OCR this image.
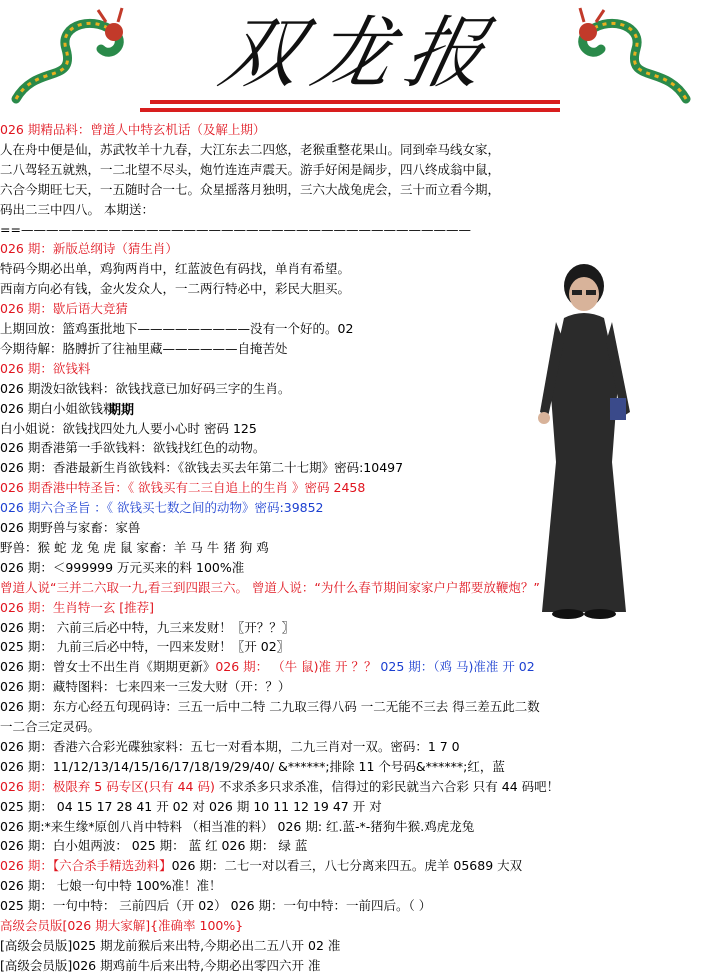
双龙报
026 期精品料：曾道人中特玄机话（及解上期）
人在舟中便是仙，苏武牧羊十九春，大江东去二四悠，老猴重整花果山。同到牵马线女家，
二八驾轻五就熟，一二北望不尽头，炮竹连连声震天。游手好闲是阔步，四八终成翁中鼠，
六合今期旺七天，一五随时合一七。众星摇落月独明，三六大战兔虎会，三十而立看今期，
码出二三中四八。 本期送：
==————————————————————————————————————
026 期：新版总纲诗（猜生肖）
特码今期必出单，鸡狗两肖中，红蓝波色有码找，单肖有希望。
西南方向必有钱，金火发众人，一二两行特必中，彩民大胆买。
026 期：歇后语大竞猜
上期回放：篮鸡蛋批地下—————————没有一个好的。02
今期待解：胳膊折了往袖里藏——————自掩苦处
026 期：欲钱料
026 期泼妇欲钱料：欲钱找意已加好码三字的生肖。
026 期白小姐欲钱料
白小姐说：欲钱找四处九人要小心时 密码 125
026 期香港第一手欲钱料：欲钱找红色的动物。
026 期：香港最新生肖欲钱料：《欲钱去买去年第二十七期》密码:10497
026 期香港中特圣旨：《 欲钱买有二三自追上的生肖 》密码 2458
026 期六合圣旨 ：《 欲钱买七数之间的动物》密码:39852
026 期野兽与家畜：家兽
野兽：猴 蛇 龙 兔 虎 鼠 家畜：羊 马 牛 猪 狗 鸡
026 期：＜999999 万元买来的料 100%准
曾道人说“三并二六取一九,看三到四跟三六。 曾道人说：“为什么春节期间家家户户都要放鞭炮？”
026 期：生肖特一玄 [推荐]
026 期： 六前三后必中特，九三来发财！〖开？？〗
025 期： 九前三后必中特，一四来发财！〖开 02〗
026 期：曾女士不出生肖《期期更新》026 期： （牛 鼠)准 开 ？？ 025 期：（鸡 马)准准 开 02
026 期：藏特图料：七来四来一三发大财（开：？）
026 期：东方心经五句现码诗：三五一后中二特 二九取三得八码 一二无能不三去 得三差五此二数
一二合三定灵码。
026 期：香港六合彩光碟独家料：五七一对看本期，二九三肖对一双。密码：1 7 0
026 期：11/12/13/14/15/16/17/18/19/29/40/ &******;排除 11 个号码&******;红，蓝
026 期：极限弃 5 码专区(只有 44 码) 不求杀多只求杀准，信得过的彩民就当六合彩 只有 44 码吧！
025 期： 04 15 17 28 41 开 02 对 026 期 10 11 12 19 47 开 对
026 期:*来生缘*原创八肖中特料 （相当准的料） 026 期: 红.蓝-*-猪狗牛猴.鸡虎龙兔
026 期：白小姐两波： 025 期： 蓝 红 026 期： 绿 蓝
026 期：【六合杀手精选劲料】026 期：二七一对以看三，八七分离来四五。虎羊 05689 大双
026 期： 七娘一句中特 100%准！准！
025 期：一句中特： 三前四后（开 02） 026 期：一句中特：一前四后。（ ）
高级会员版[026 期大家解]{准确率 100%}
[高级会员版]025 期龙前猴后来出特,今期必出二五八开 02 准
[高级会员版]026 期鸡前牛后来出特,今期必出零四六开 准
期期
